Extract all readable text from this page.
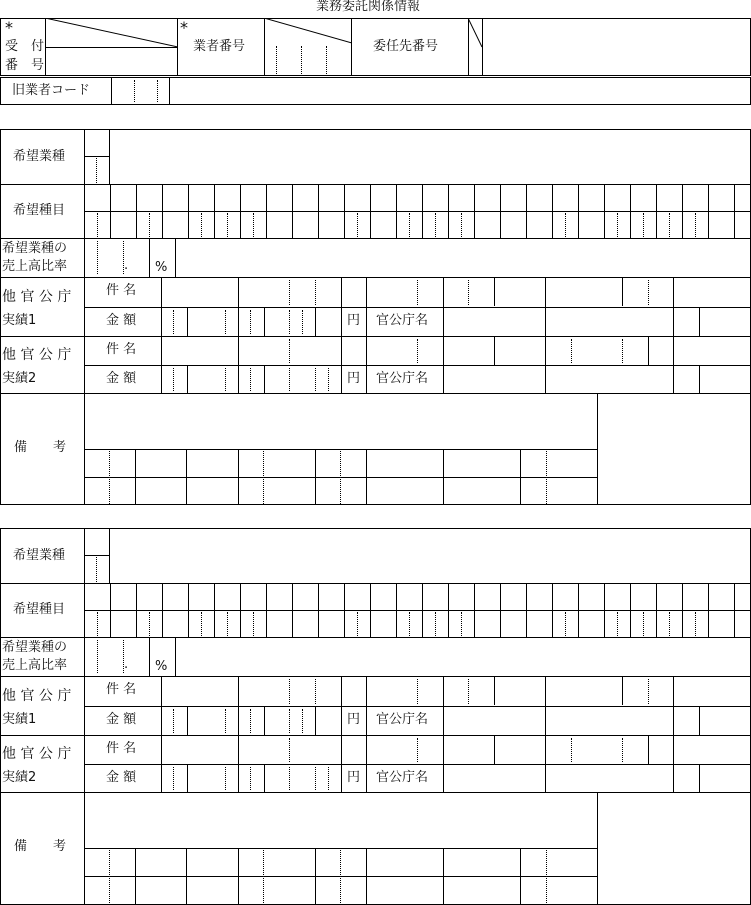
業務委託関係情報
*
受　付
番　号
*
業者番号	委任先番号
旧業者コード
希望業種
希望種目
希望業種の
売上高比率	. %
他 官 公 庁
実績1
件 名
金 額	円 官公庁名
他 官 公 庁
実績2
件 名
金 額	円 官公庁名
備　　考
希望業種
希望種目
希望業種の
売上高比率	. %
他 官 公 庁
実績1
件 名
金 額	円 官公庁名
他 官 公 庁
実績2
件 名
金 額	円 官公庁名
備　　考
